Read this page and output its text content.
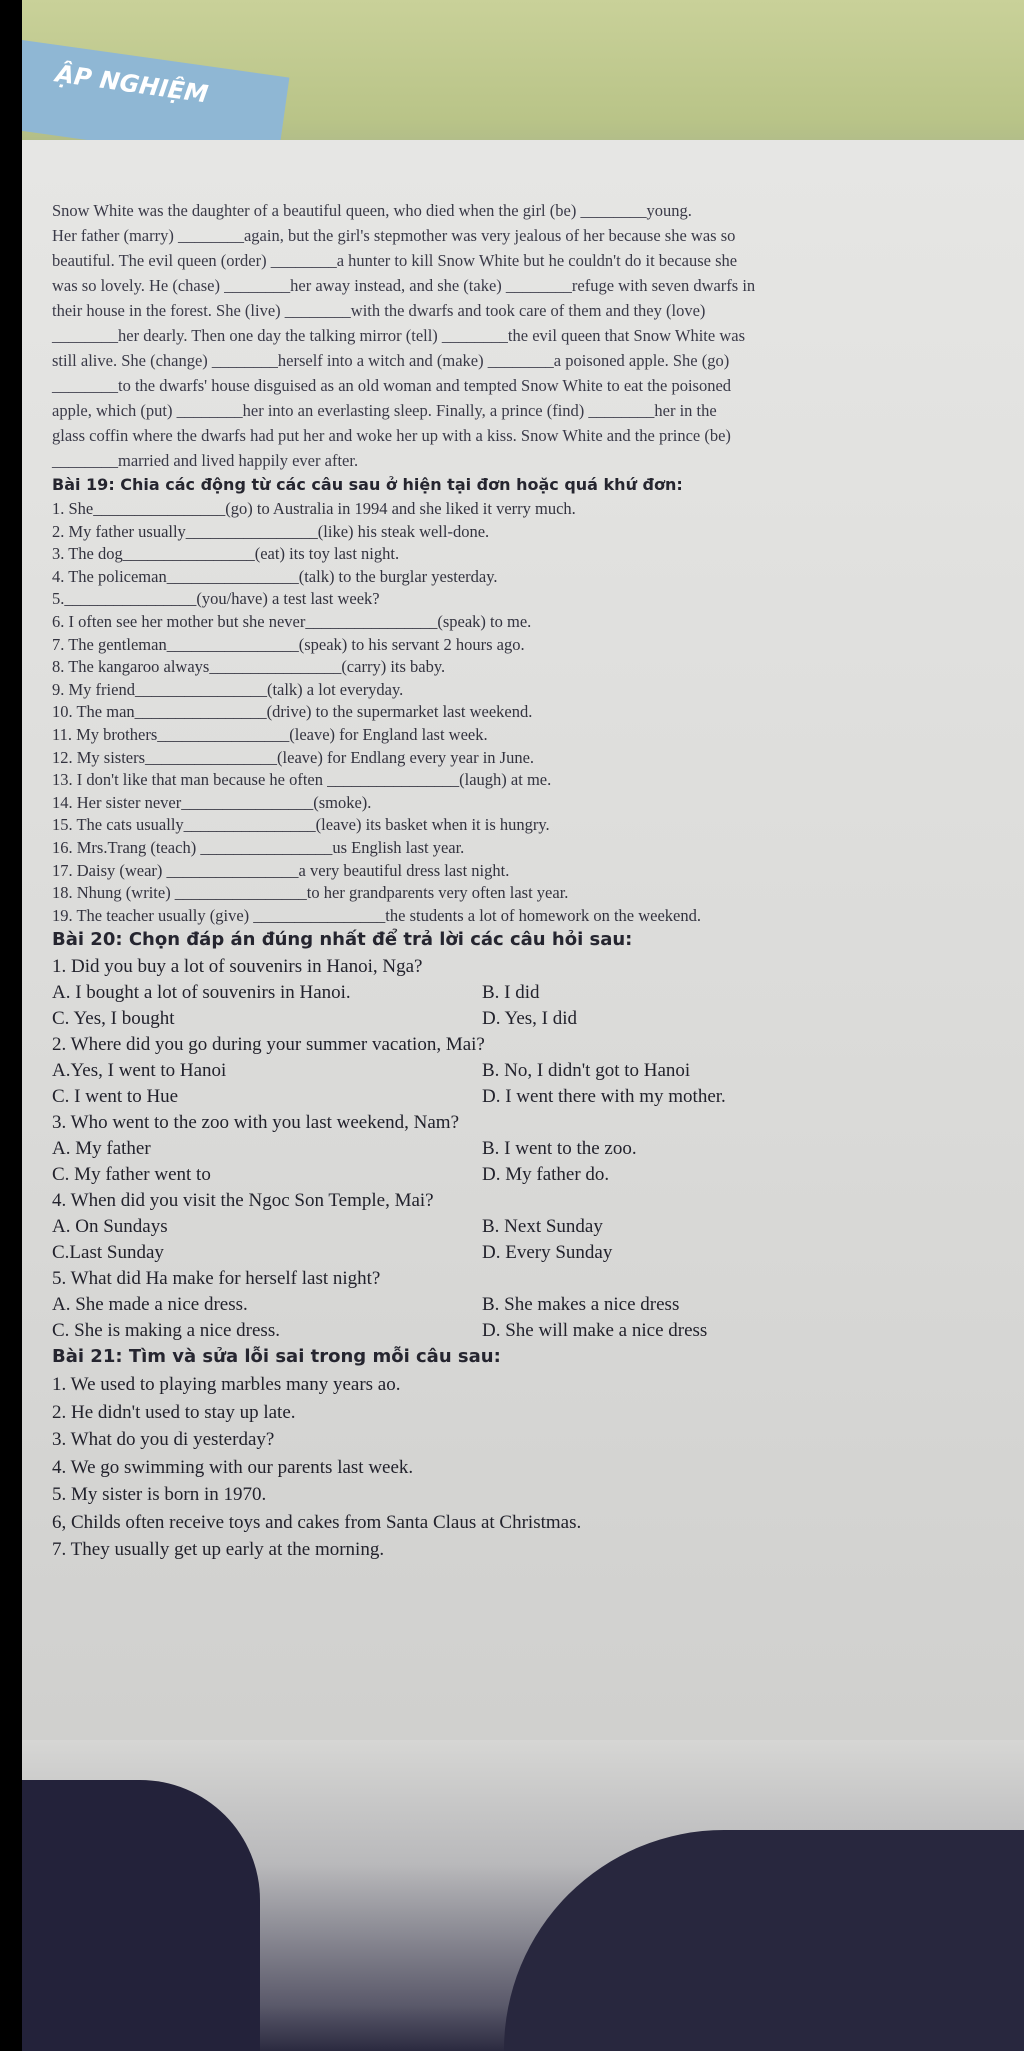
ẬP NGHIỆM

Snow White was the daughter of a beautiful queen, who died when the girl (be) ________young.

Her father (marry) ________again, but the girl's stepmother was very jealous of her because she was so

beautiful. The evil queen (order) ________a hunter to kill Snow White but he couldn't do it because she

was so lovely. He (chase) ________her away instead, and she (take) ________refuge with seven dwarfs in

their house in the forest. She (live) ________with the dwarfs and took care of them and they (love)

________her dearly. Then one day the talking mirror (tell) ________the evil queen that Snow White was

still alive. She (change) ________herself into a witch and (make) ________a poisoned apple. She (go)

________to the dwarfs' house disguised as an old woman and tempted Snow White to eat the poisoned

apple, which (put) ________her into an everlasting sleep. Finally, a prince (find) ________her in the

glass coffin where the dwarfs had put her and woke her up with a kiss. Snow White and the prince (be)

________married and lived happily ever after.

Bài 19: Chia các động từ các câu sau ở hiện tại đơn hoặc quá khứ đơn:
1. She________________(go) to Australia in 1994 and she liked it verry much.
2. My father usually________________(like) his steak well-done.
3. The dog________________(eat) its toy last night.
4. The policeman________________(talk) to the burglar yesterday.
5.________________(you/have) a test last week?
6. I often see her mother but she never________________(speak) to me.
7. The gentleman________________(speak) to his servant 2 hours ago.
8. The kangaroo always________________(carry) its baby.
9. My friend________________(talk) a lot everyday.
10. The man________________(drive) to the supermarket last weekend.
11. My brothers________________(leave) for England last week.
12. My sisters________________(leave) for Endlang every year in June.
13. I don't like that man because he often ________________(laugh) at me.
14. Her sister never________________(smoke).
15. The cats usually________________(leave) its basket when it is hungry.
16. Mrs.Trang (teach) ________________us English last year.
17. Daisy (wear) ________________a very beautiful dress last night.
18. Nhung (write) ________________to her grandparents very often last year.
19. The teacher usually (give) ________________the students a lot of homework on the weekend.
Bài 20: Chọn đáp án đúng nhất để trả lời các câu hỏi sau:
1. Did you buy a lot of souvenirs in Hanoi, Nga?
A. I bought a lot of souvenirs in Hanoi.	B. I did
C. Yes, I bought	D. Yes, I did
2. Where did you go during your summer vacation, Mai?
A.Yes, I went to Hanoi	B. No, I didn't got to Hanoi
C. I went to Hue	D. I went there with my mother.
3. Who went to the zoo with you last weekend, Nam?
A. My father	B. I went to the zoo.
C. My father went to	D. My father do.
4. When did you visit the Ngoc Son Temple, Mai?
A. On Sundays	B. Next Sunday
C.Last Sunday	D. Every Sunday
5. What did Ha make for herself last night?
A. She made a nice dress.	B. She makes a nice dress
C. She is making a nice dress.	D. She will make a nice dress
Bài 21: Tìm và sửa lỗi sai trong mỗi câu sau:
1. We used to playing marbles many years ao.
2. He didn't used to stay up late.
3. What do you di yesterday?
4. We go swimming with our parents last week.
5. My sister is born in 1970.
6, Childs often receive toys and cakes from Santa Claus at Christmas.
7. They usually get up early at the morning.
